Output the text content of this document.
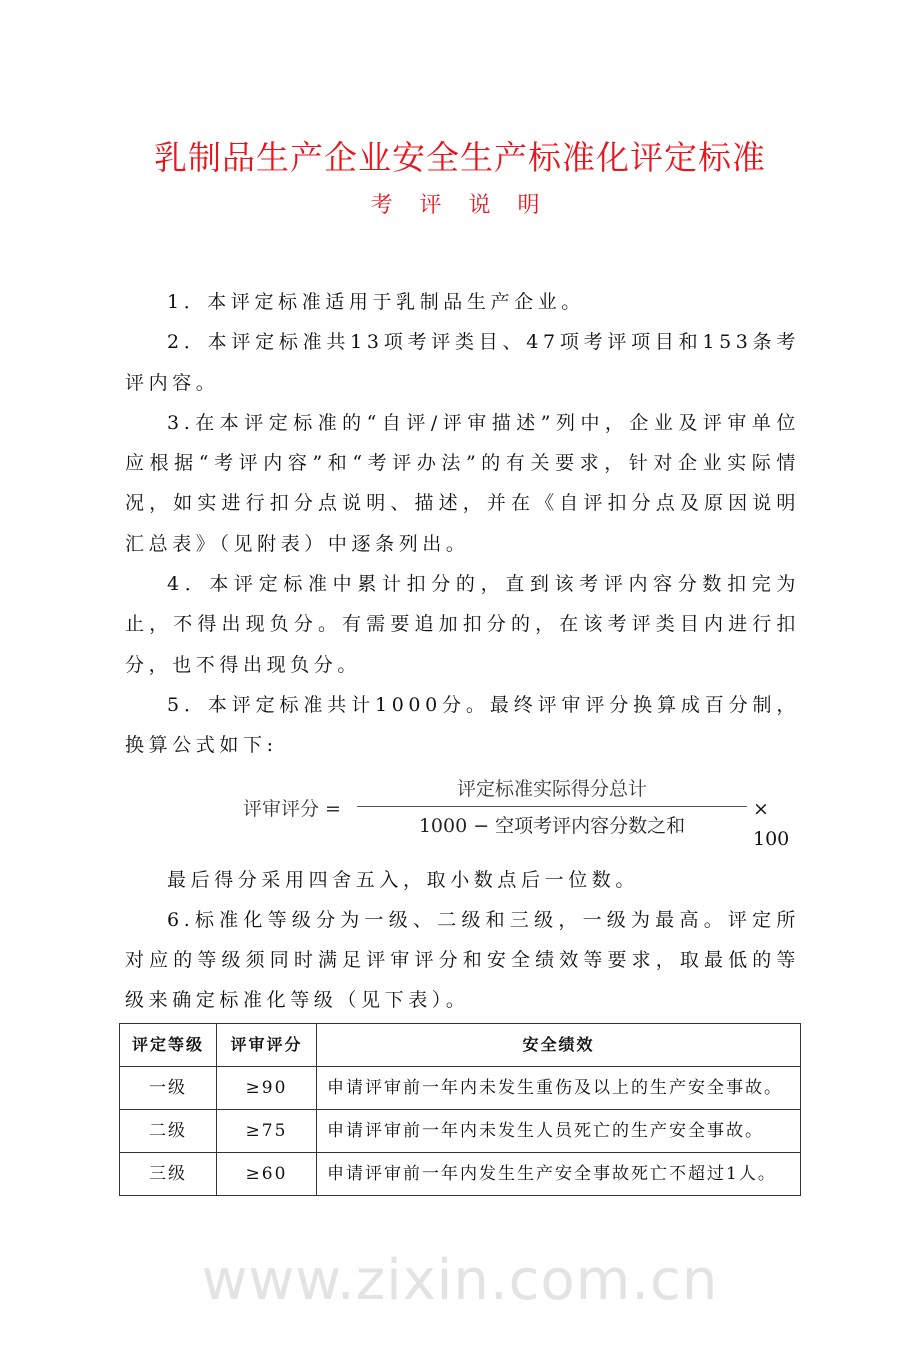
乳制品生产企业安全生产标准化评定标准
考 评 说 明

1．本评定标准适用于乳制品生产企业。

2．本评定标准共13项考评类目、47项考评项目和153条考评内容。

3.在本评定标准的“自评/评审描述”列中，企业及评审单位应根据“考评内容”和“考评办法”的有关要求，针对企业实际情况，如实进行扣分点说明、描述，并在《自评扣分点及原因说明汇总表》（见附表）中逐条列出。

4．本评定标准中累计扣分的，直到该考评内容分数扣完为止，不得出现负分。有需要追加扣分的，在该考评类目内进行扣分，也不得出现负分。

5．本评定标准共计1000分。最终评审评分换算成百分制，换算公式如下:

评审评分 =
评定标准实际得分总计
1000 − 空项考评内容分数之和
× 100

最后得分采用四舍五入，取小数点后一位数。

6.标准化等级分为一级、二级和三级，一级为最高。评定所对应的等级须同时满足评审评分和安全绩效等要求，取最低的等级来确定标准化等级（见下表）。

评定等级	评审评分	安全绩效
一级	≥90	申请评审前一年内未发生重伤及以上的生产安全事故。
二级	≥75	申请评审前一年内未发生人员死亡的生产安全事故。
三级	≥60	申请评审前一年内发生生产安全事故死亡不超过1人。
www.zixin.com.cn
